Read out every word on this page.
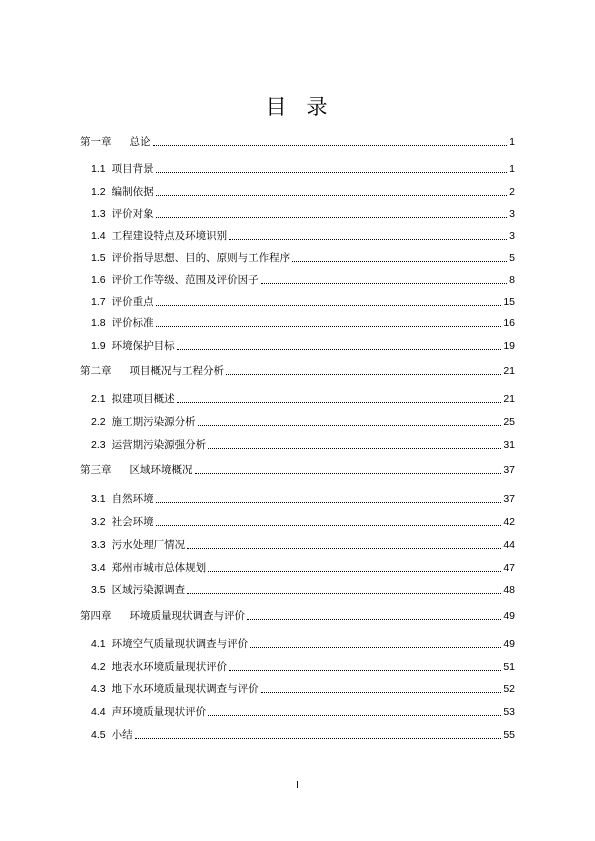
目 录
第一章 总论	1
1.1 项目背景	1
1.2 编制依据	2
1.3 评价对象	3
1.4 工程建设特点及环境识别	3
1.5 评价指导思想、目的、原则与工作程序	5
1.6 评价工作等级、范围及评价因子	8
1.7 评价重点	15
1.8 评价标准	16
1.9 环境保护目标	19
第二章 项目概况与工程分析	21
2.1 拟建项目概述	21
2.2 施工期污染源分析	25
2.3 运营期污染源强分析	31
第三章 区域环境概况	37
3.1 自然环境	37
3.2 社会环境	42
3.3 污水处理厂情况	44
3.4 郑州市城市总体规划	47
3.5 区域污染源调查	48
第四章 环境质量现状调查与评价	49
4.1 环境空气质量现状调查与评价	49
4.2 地表水环境质量现状评价	51
4.3 地下水环境质量现状调查与评价	52
4.4 声环境质量现状评价	53
4.5 小结	55
I
